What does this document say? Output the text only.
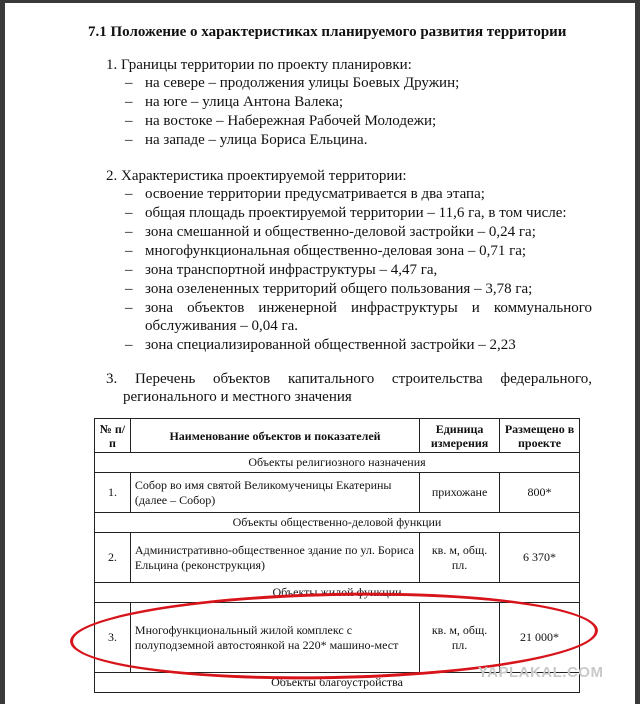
7.1 Положение о характеристиках планируемого развития территории
1. Границы территории по проекту планировки:
– на севере – продолжения улицы Боевых Дружин;
– на юге – улица Антона Валека;
– на востоке – Набережная Рабочей Молодежи;
– на западе – улица Бориса Ельцина.
2. Характеристика проектируемой территории:
– освоение территории предусматривается в два этапа;
– общая площадь проектируемой территории – 11,6 га, в том числе:
– зона смешанной и общественно-деловой застройки – 0,24 га;
– многофункциональная общественно-деловая зона – 0,71 га;
– зона транспортной инфраструктуры – 4,47 га,
– зона озелененных территорий общего пользования – 3,78 га;
– зона объектов инженерной инфраструктуры и коммунального
обслуживания – 0,04 га.
– зона специализированной общественной застройки – 2,23
3. Перечень объектов капитального строительства федерального,
регионального и местного значения
№ п/п	Наименование объектов и показателей	Единица измерения	Размещено в проекте
Объекты религиозного назначения			
1.	Собор во имя святой Великомученицы Екатерины (далее – Собор)	прихожане	800*
Объекты общественно-деловой функции			
2.	Административно-общественное здание по ул. Бориса Ельцина (реконструкция)	кв. м, общ. пл.	6 370*
Объекты жилой функции			
3.	Многофункциональный жилой комплекс с полуподземной автостоянкой на 220* машино-мест	кв. м, общ. пл.	21 000*
Объекты благоустройства			
YAPLAKAL.COM
